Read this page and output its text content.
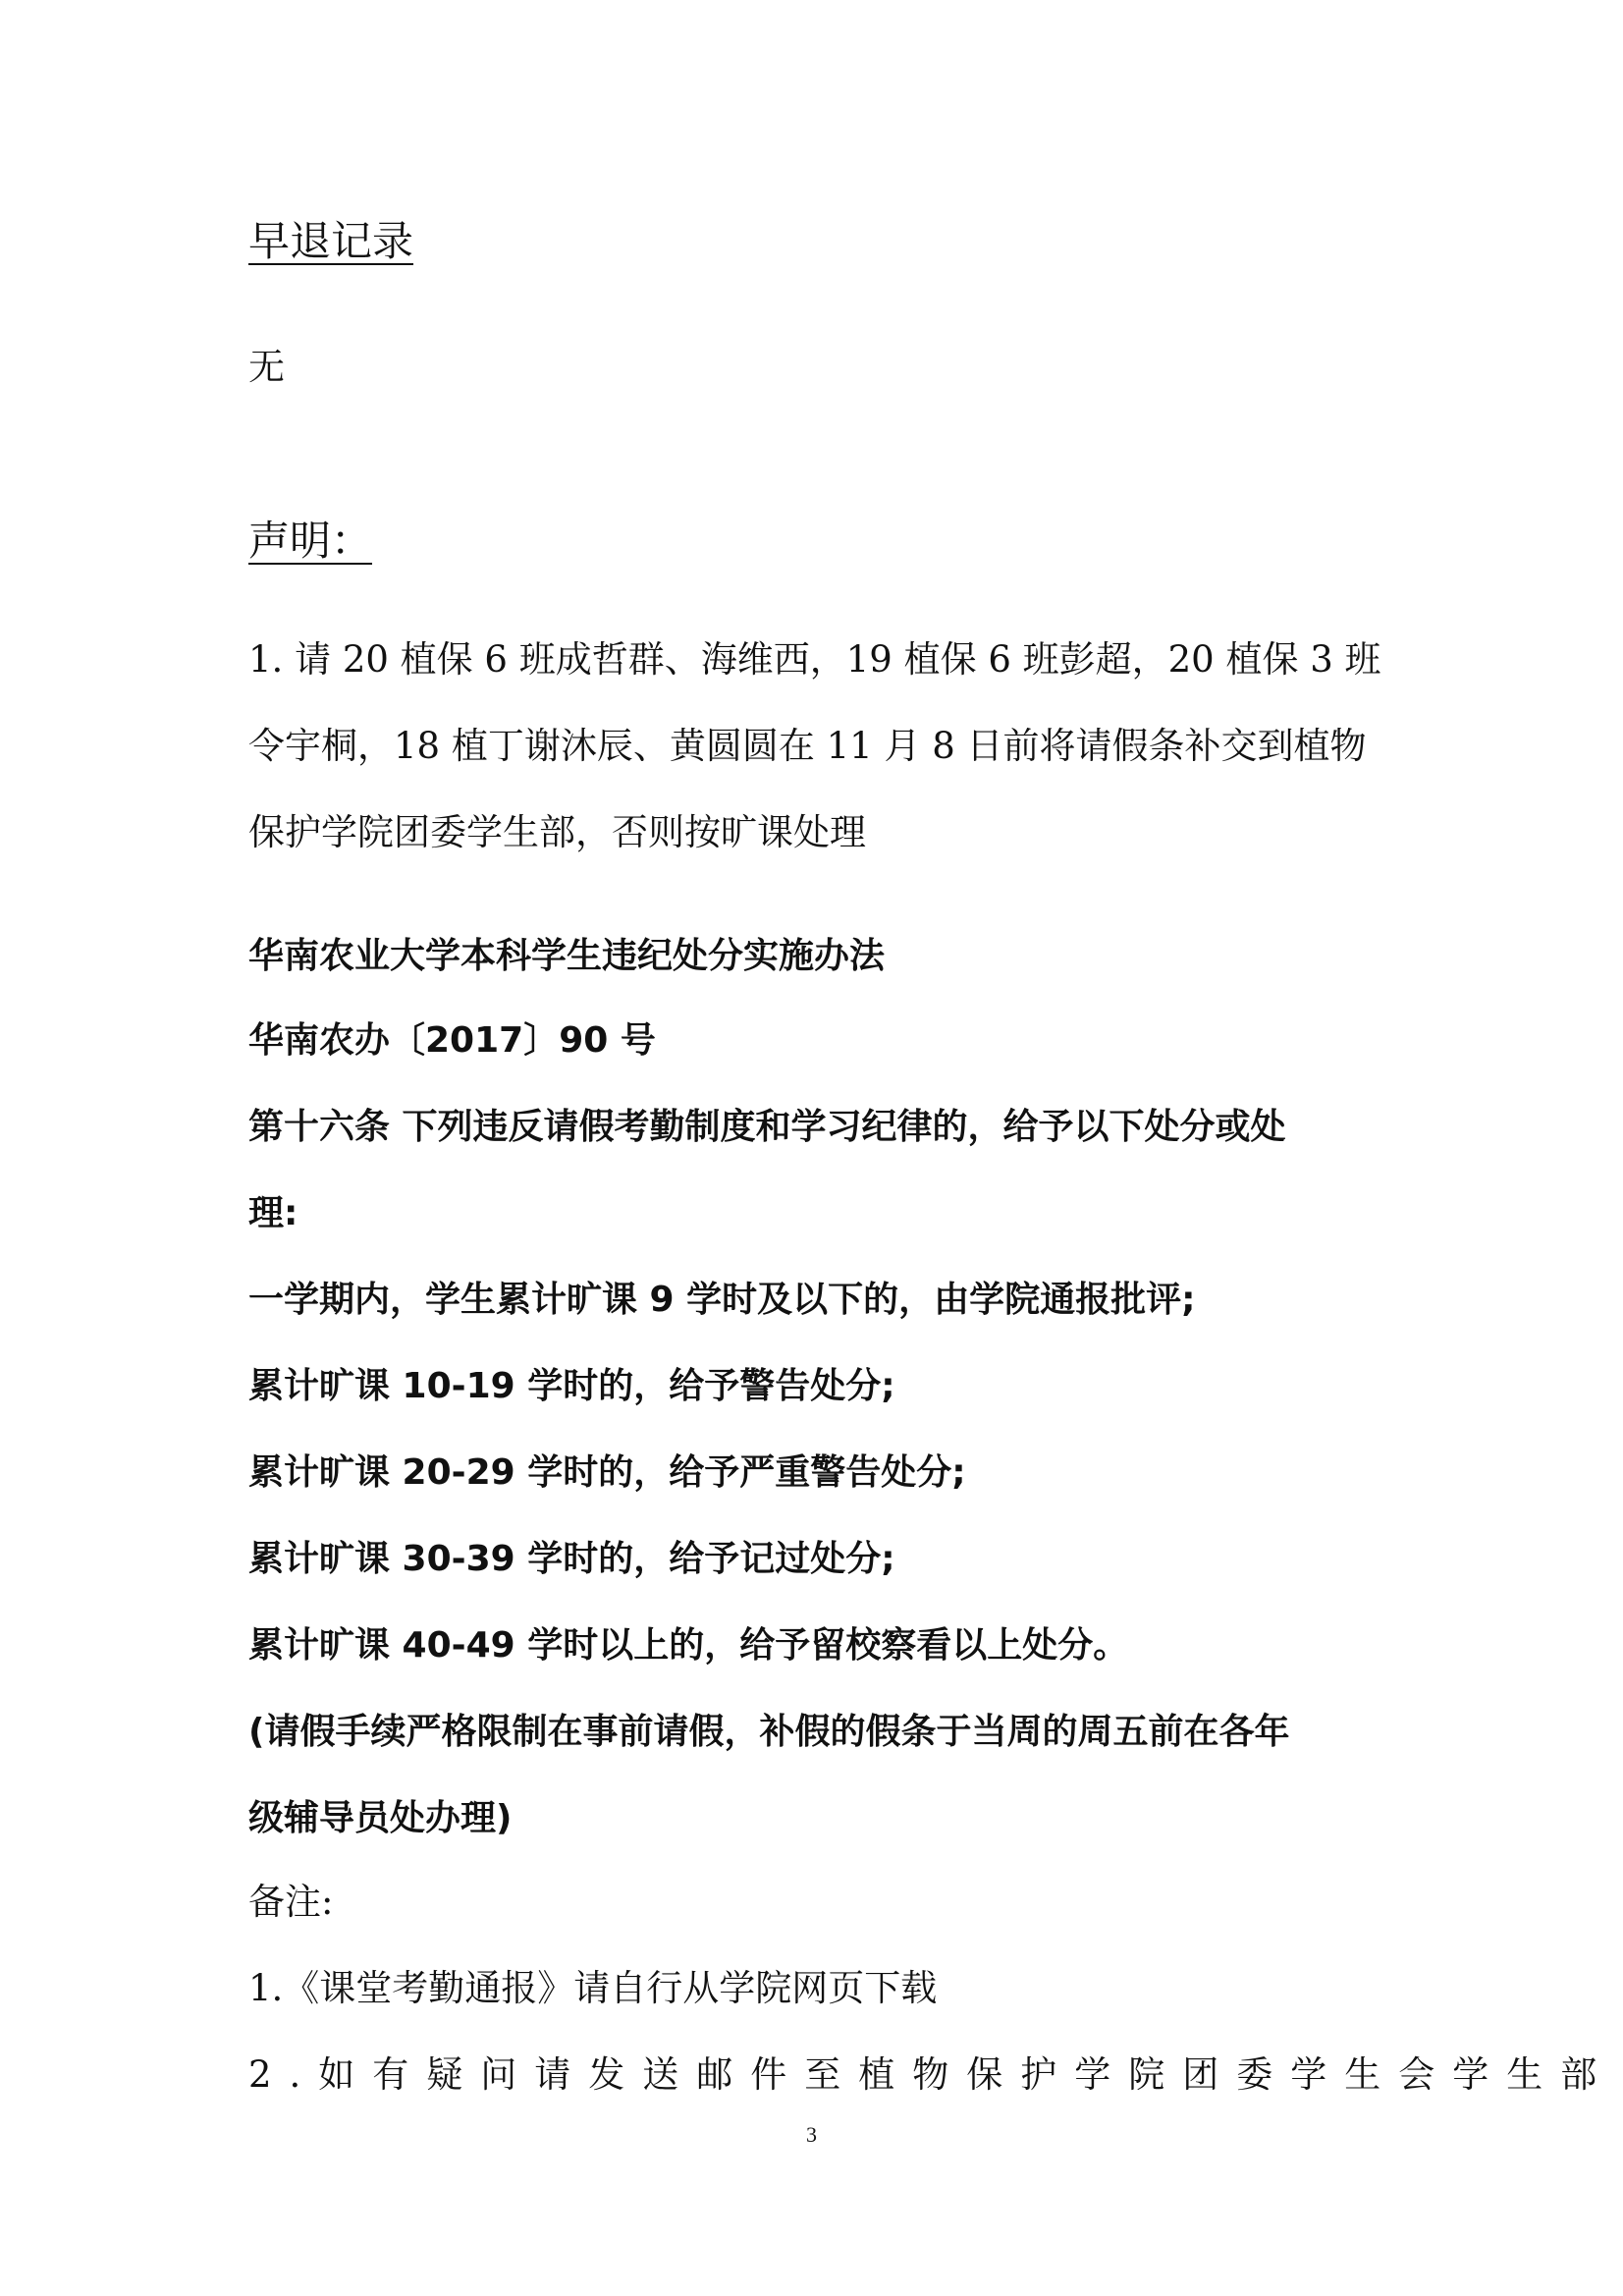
早退记录
无
声明：
1. 请 20 植保 6 班成哲群、海维西，19 植保 6 班彭超，20 植保 3 班
令宇桐，18 植丁谢沐辰、黄圆圆在 11 月 8 日前将请假条补交到植物
保护学院团委学生部，否则按旷课处理
华南农业大学本科学生违纪处分实施办法
华南农办〔2017〕90 号
第十六条 下列违反请假考勤制度和学习纪律的，给予以下处分或处
理:
一学期内，学生累计旷课 9 学时及以下的，由学院通报批评;
累计旷课 10-19 学时的，给予警告处分;
累计旷课 20-29 学时的，给予严重警告处分;
累计旷课 30-39 学时的，给予记过处分;
累计旷课 40-49 学时以上的，给予留校察看以上处分。
(请假手续严格限制在事前请假，补假的假条于当周的周五前在各年
级辅导员处办理)
备注:
1.《课堂考勤通报》请自行从学院网页下载
2.如有疑问请发送邮件至植物保护学院团委学生会学生部
3
